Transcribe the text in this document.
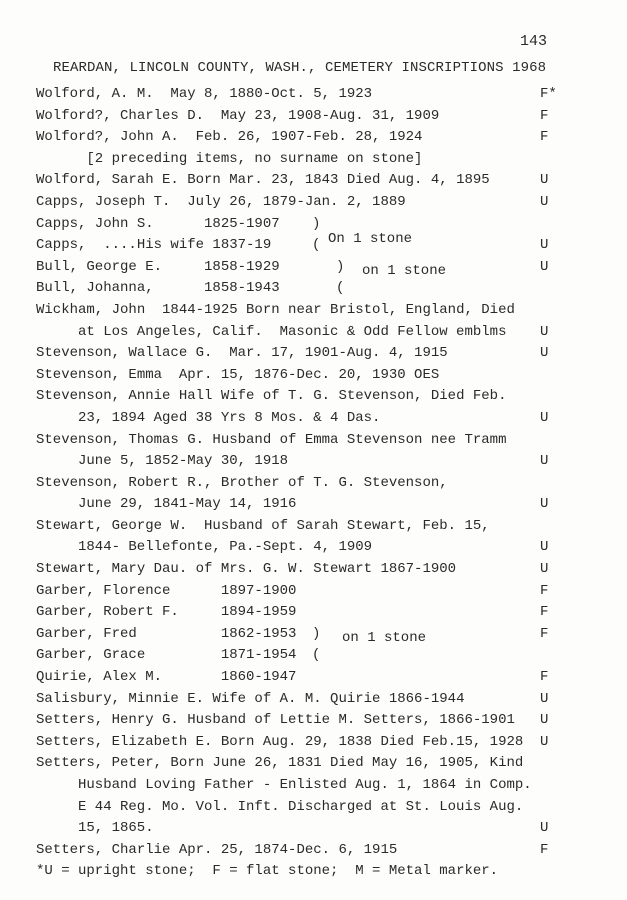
143
REARDAN, LINCOLN COUNTY, WASH., CEMETERY INSCRIPTIONS 1968
Wolford, A. M.  May 8, 1880-Oct. 5, 1923	F*
Wolford?, Charles D.  May 23, 1908-Aug. 31, 1909	F
Wolford?, John A.  Feb. 26, 1907-Feb. 28, 1924	F
[2 preceding items, no surname on stone]
Wolford, Sarah E. Born Mar. 23, 1843 Died Aug. 4, 1895	U
Capps, Joseph T.  July 26, 1879-Jan. 2, 1889	U
Capps, John S.      1825-1907 )
Capps,  ....His wife 1837-19	( On 1 stone	U
Bull, George E.     1858-1929	) on 1 stone	U
Bull, Johanna,      1858-1943	(
Wickham, John  1844-1925 Born near Bristol, England, Died
at Los Angeles, Calif.  Masonic & Odd Fellow emblms U
Stevenson, Wallace G.  Mar. 17, 1901-Aug. 4, 1915	U
Stevenson, Emma  Apr. 15, 1876-Dec. 20, 1930 OES
Stevenson, Annie Hall Wife of T. G. Stevenson, Died Feb.
23, 1894 Aged 38 Yrs 8 Mos. & 4 Das.	U
Stevenson, Thomas G. Husband of Emma Stevenson nee Tramm
June 5, 1852-May 30, 1918	U
Stevenson, Robert R., Brother of T. G. Stevenson,
June 29, 1841-May 14, 1916	U
Stewart, George W.  Husband of Sarah Stewart, Feb. 15,
1844- Bellefonte, Pa.-Sept. 4, 1909	U
Stewart, Mary Dau. of Mrs. G. W. Stewart 1867-1900	U
Garber, Florence      1897-1900	F
Garber, Robert F.     1894-1959	F
Garber, Fred          1862-1953 ) on 1 stone	F
Garber, Grace         1871-1954 (
Quirie, Alex M.       1860-1947	F
Salisbury, Minnie E. Wife of A. M. Quirie 1866-1944	U
Setters, Henry G. Husband of Lettie M. Setters, 1866-1901 U
Setters, Elizabeth E. Born Aug. 29, 1838 Died Feb.15, 1928 U
Setters, Peter, Born June 26, 1831 Died May 16, 1905, Kind
Husband Loving Father - Enlisted Aug. 1, 1864 in Comp.
E 44 Reg. Mo. Vol. Inft. Discharged at St. Louis Aug.
15, 1865.	U
Setters, Charlie Apr. 25, 1874-Dec. 6, 1915	F
*U = upright stone;  F = flat stone;  M = Metal marker.
